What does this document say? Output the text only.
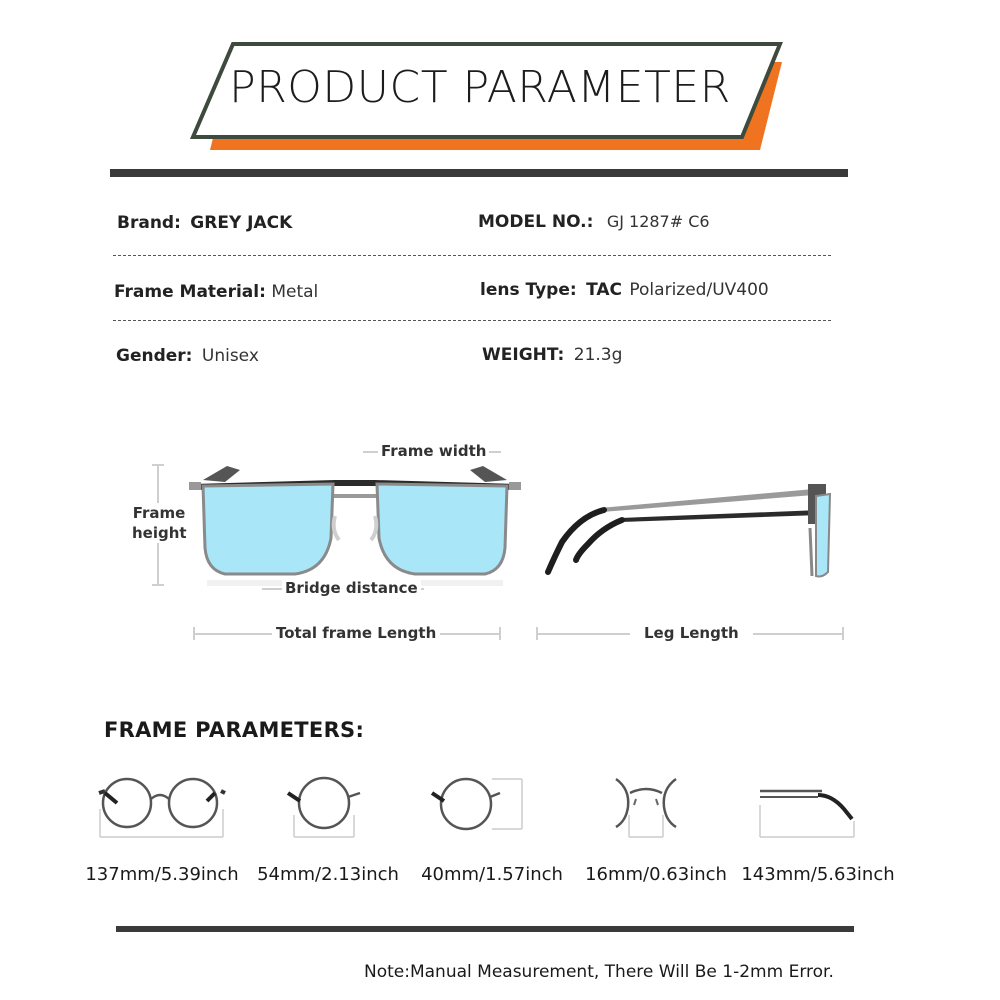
PRODUCT PARAMETER
Brand: GREY JACK	MODEL NO.: GJ 1287# C6
Frame Material: Metal	lens Type: TAC Polarized/UV400
Gender: Unisex	WEIGHT: 21.3g
Frame
height
Frame width
Bridge distance
Total frame Length	Leg Length
FRAME PARAMETERS:
137mm/5.39inch	54mm/2.13inch	40mm/1.57inch	16mm/0.63inch 143mm/5.63inch
Note:Manual Measurement, There Will Be 1-2mm Error.
